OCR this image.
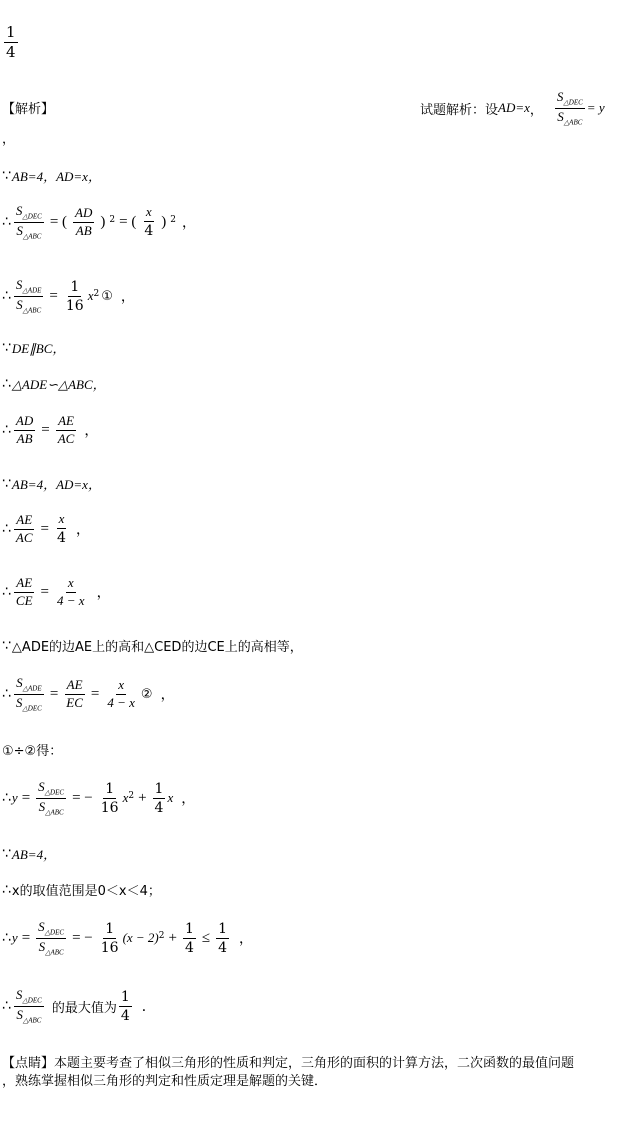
$\frac{1}{4}$
【解析】	试题解析：设 AD=x ， $\frac{S_{\triangle DEC}}{S_{\triangle ABC}} = y$
，
∵ AB=4，AD=x，
∴ $\frac{S_{\triangle DEC}}{S_{\triangle ABC}}$ = ( $\frac{AD}{AB}$ ) $^2$ = ( $\frac{x}{4}$ ) $^2$ ，
∴ $\frac{S_{\triangle ADE}}{S_{\triangle ABC}} = \frac{1}{16} x^2$ ① ，
∵ DE∥BC，
∴ △ADE∽△ABC，
∴ $\frac{AD}{AB} = \frac{AE}{AC}$ ，
∵ AB=4，AD=x，
∴ $\frac{AE}{AC} = \frac{x}{4}$ ，
∴ $\frac{AE}{CE} = \frac{x}{4 - x}$ ，
∵ △ADE的边AE上的高和△CED的边CE上的高相等，
∴ $\frac{S_{\triangle ADE}}{S_{\triangle DEC}} = \frac{AE}{EC} = \frac{x}{4 - x}$ ② ，
①÷②得：
∴ $y = \frac{S_{\triangle DEC}}{S_{\triangle ABC}}$ = − $\frac{1}{16} x^2 + \frac{1}{4}$ x ，
∵ AB=4，
∴ x的取值范围是0＜x＜4；
∴ $y = \frac{S_{\triangle DEC}}{S_{\triangle ABC}}$ = − $\frac{1}{16} (x - 2)^2 + \frac{1}{4} \le \frac{1}{4}$ ，
∴ $\frac{S_{\triangle DEC}}{S_{\triangle ABC}}$ 的最大值为 $\frac{1}{4}$ ．
【点睛】 本题主要考查了相似三角形的性质和判定，三角形的面积的计算方法，二次函数的最值问题
，熟练掌握相似三角形的判定和性质定理是解题的关键．
